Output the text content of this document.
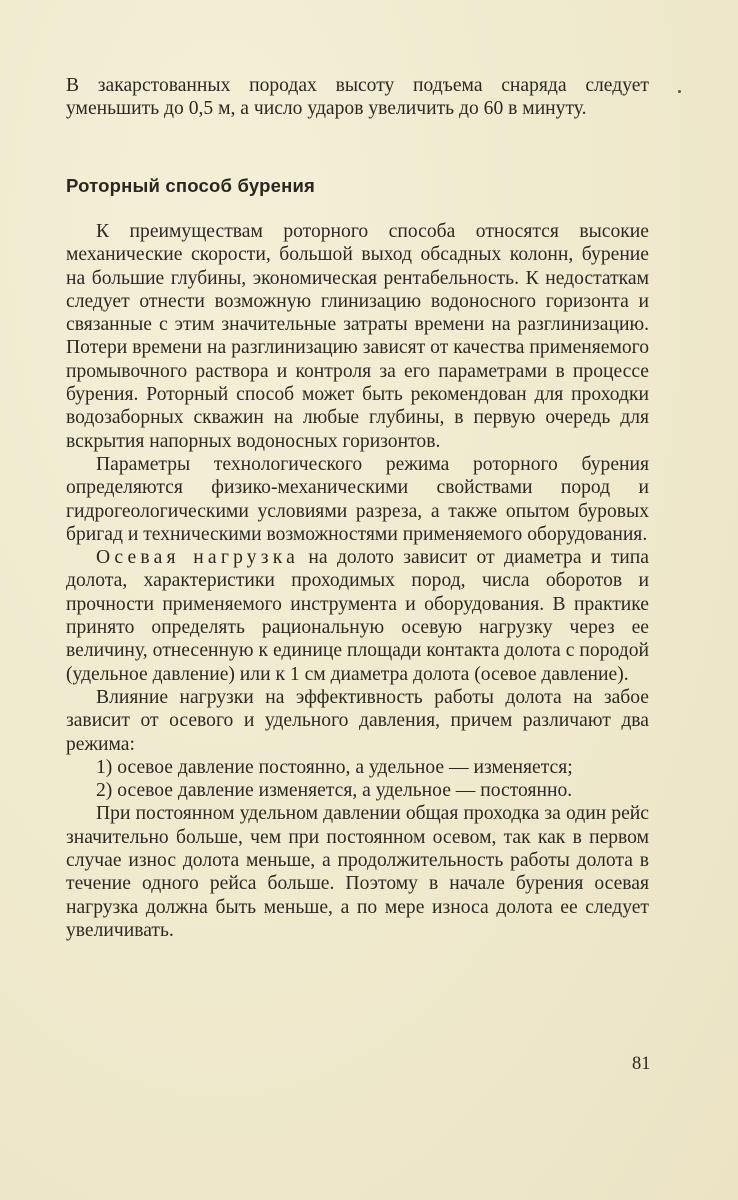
В закарстованных породах высоту подъема снаряда следует уменьшить до 0,5 м, а число ударов увеличить до 60 в минуту.

Роторный способ бурения

К преимуществам роторного способа относятся высокие механические скорости, большой выход обсадных колонн, бурение на большие глубины, экономическая рентабельность. К недостаткам следует отнести возможную глинизацию водоносного горизонта и связанные с этим значительные затраты времени на разглинизацию. Потери времени на разглинизацию зависят от качества применяемого промывочного раствора и контроля за его параметрами в процессе бурения. Роторный способ может быть рекомендован для проходки водозаборных скважин на любые глубины, в первую очередь для вскрытия напорных водоносных горизонтов.

Параметры технологического режима роторного бурения определяются физико-механическими свойствами пород и гидрогеологическими условиями разреза, а также опытом буровых бригад и техническими возможностями применяемого оборудования.

Осевая нагрузка на долото зависит от диаметра и типа долота, характеристики проходимых пород, числа оборотов и прочности применяемого инструмента и оборудования. В практике принято определять рациональную осевую нагрузку через ее величину, отнесенную к единице площади контакта долота с породой (удельное давление) или к 1 см диаметра долота (осевое давление).

Влияние нагрузки на эффективность работы долота на забое зависит от осевого и удельного давления, причем различают два режима:

1) осевое давление постоянно, а удельное — изменяется;

2) осевое давление изменяется, а удельное — постоянно.

При постоянном удельном давлении общая проходка за один рейс значительно больше, чем при постоянном осевом, так как в первом случае износ долота меньше, а продолжительность работы долота в течение одного рейса больше. Поэтому в начале бурения осевая нагрузка должна быть меньше, а по мере износа долота ее следует увеличивать.

81
